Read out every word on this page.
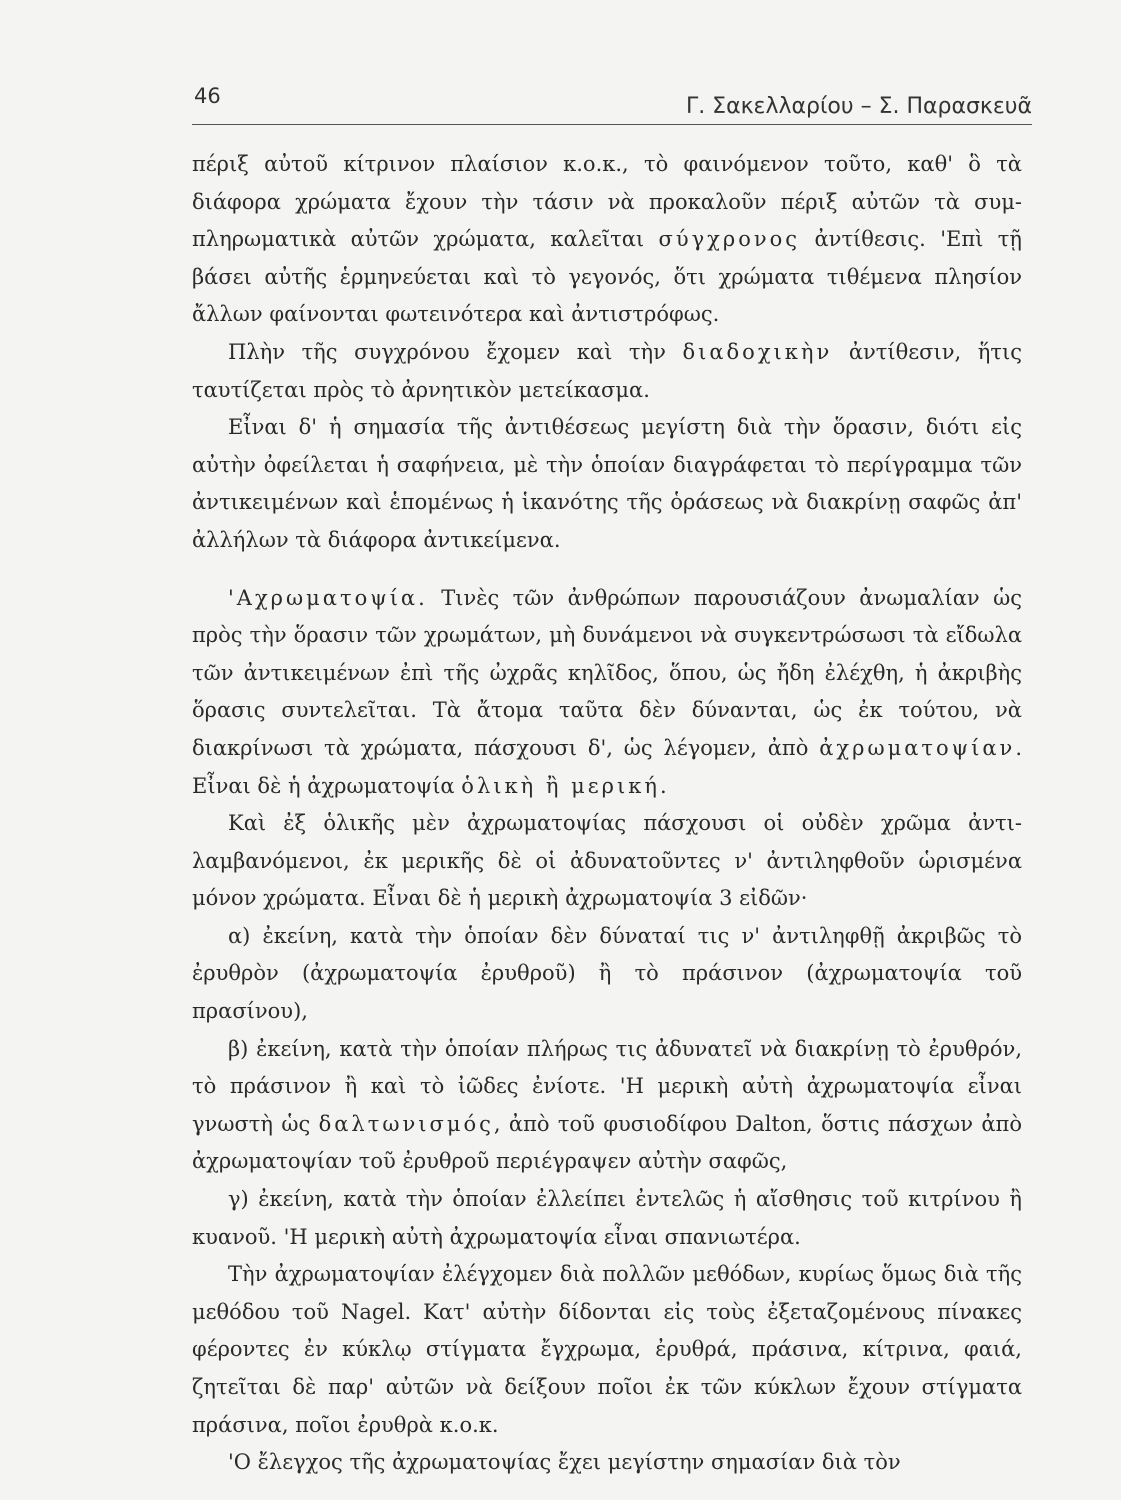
46	Γ. Σακελλαρίου – Σ. Παρασκευᾶ

πέριξ αὐτοῦ κίτρινον πλαίσιον κ.ο.κ., τὸ φαινόμενον τοῦτο, καθ' ὃ τὰ διάφορα χρώματα ἔχουν τὴν τάσιν νὰ προκαλοῦν πέριξ αὐτῶν τὰ συμπληρωματικὰ αὐτῶν χρώματα, καλεῖται σύγχρονος ἀντίθεσις. 'Επὶ τῇ βάσει αὐτῆς ἑρμηνεύεται καὶ τὸ γεγονός, ὅτι χρώματα τιθέμενα πλησίον ἄλλων φαίνονται φωτεινότερα καὶ ἀντιστρόφως.

Πλὴν τῆς συγχρόνου ἔχομεν καὶ τὴν διαδοχικὴν ἀντίθεσιν, ἥτις ταυτίζεται πρὸς τὸ ἀρνητικὸν μετείκασμα.

Εἶναι δ' ἡ σημασία τῆς ἀντιθέσεως μεγίστη διὰ τὴν ὅρασιν, διότι εἰς αὐτὴν ὀφείλεται ἡ σαφήνεια, μὲ τὴν ὁποίαν διαγράφεται τὸ περίγραμμα τῶν ἀντικειμένων καὶ ἑπομένως ἡ ἱκανότης τῆς ὁράσεως νὰ διακρίνῃ σαφῶς ἀπ' ἀλλήλων τὰ διάφορα ἀντικείμενα.

'Αχρωματοψία. Τινὲς τῶν ἀνθρώπων παρουσιάζουν ἀνωμαλίαν ὡς πρὸς τὴν ὅρασιν τῶν χρωμάτων, μὴ δυνάμενοι νὰ συγκεντρώσωσι τὰ εἴδωλα τῶν ἀντικειμένων ἐπὶ τῆς ὠχρᾶς κηλῖδος, ὅπου, ὡς ἤδη ἐλέχθη, ἡ ἀκριβὴς ὅρασις συντελεῖται. Τὰ ἄτομα ταῦτα δὲν δύνανται, ὡς ἐκ τούτου, νὰ διακρίνωσι τὰ χρώματα, πάσχουσι δ', ὡς λέγομεν, ἀπὸ ἀχρωματοψίαν. Εἶναι δὲ ἡ ἀχρωματοψία ὁλικὴ ἢ μερική.

Καὶ ἐξ ὁλικῆς μὲν ἀχρωματοψίας πάσχουσι οἱ οὐδὲν χρῶμα ἀντιλαμβανόμενοι, ἐκ μερικῆς δὲ οἱ ἀδυνατοῦντες ν' ἀντιληφθοῦν ὡρισμένα μόνον χρώματα. Εἶναι δὲ ἡ μερικὴ ἀχρωματοψία 3 εἰδῶν·

α) ἐκείνη, κατὰ τὴν ὁποίαν δὲν δύναταί τις ν' ἀντιληφθῇ ἀκριβῶς τὸ ἐρυθρὸν (ἀχρωματοψία ἐρυθροῦ) ἢ τὸ πράσινον (ἀχρωματοψία τοῦ πρασίνου),

β) ἐκείνη, κατὰ τὴν ὁποίαν πλήρως τις ἀδυνατεῖ νὰ διακρίνῃ τὸ ἐρυθρόν, τὸ πράσινον ἢ καὶ τὸ ἰῶδες ἐνίοτε. 'Η μερικὴ αὐτὴ ἀχρωματοψία εἶναι γνωστὴ ὡς δαλτωνισμός, ἀπὸ τοῦ φυσιοδίφου Dalton, ὅστις πάσχων ἀπὸ ἀχρωματοψίαν τοῦ ἐρυθροῦ περιέγραψεν αὐτὴν σαφῶς,

γ) ἐκείνη, κατὰ τὴν ὁποίαν ἐλλείπει ἐντελῶς ἡ αἴσθησις τοῦ κιτρίνου ἢ κυανοῦ. 'Η μερικὴ αὐτὴ ἀχρωματοψία εἶναι σπανιωτέρα.

Τὴν ἀχρωματοψίαν ἐλέγχομεν διὰ πολλῶν μεθόδων, κυρίως ὅμως διὰ τῆς μεθόδου τοῦ Nagel. Κατ' αὐτὴν δίδονται εἰς τοὺς ἐξεταζομένους πίνακες φέροντες ἐν κύκλῳ στίγματα ἔγχρωμα, ἐρυθρά, πράσινα, κίτρινα, φαιά, ζητεῖται δὲ παρ' αὐτῶν νὰ δείξουν ποῖοι ἐκ τῶν κύκλων ἔχουν στίγματα πράσινα, ποῖοι ἐρυθρὰ κ.ο.κ.

'Ο ἔλεγχος τῆς ἀχρωματοψίας ἔχει μεγίστην σημασίαν διὰ τὸν
